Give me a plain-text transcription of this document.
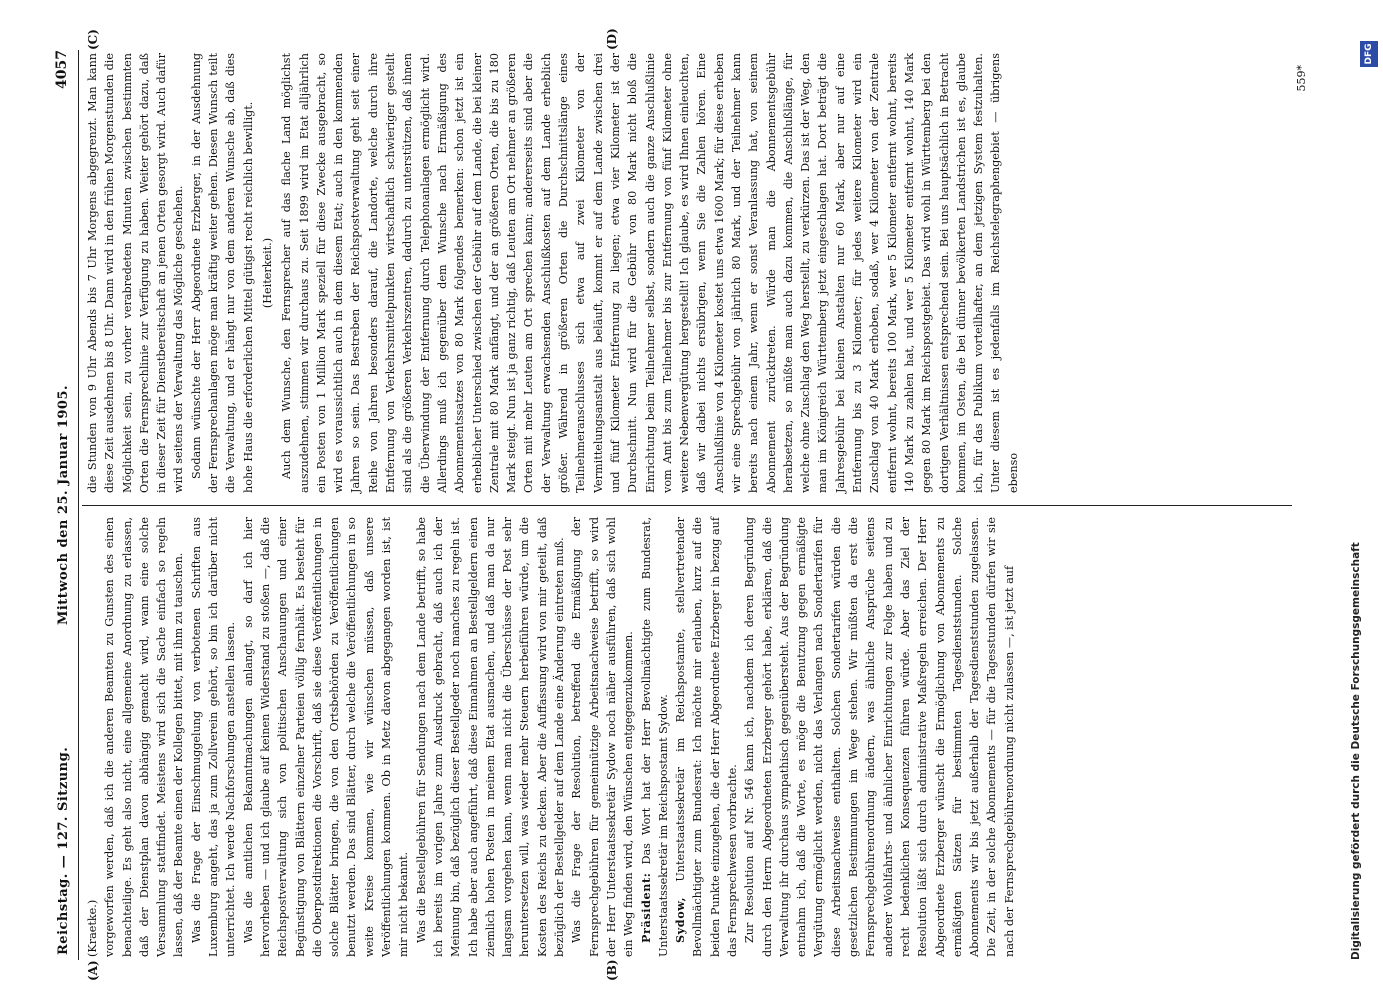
Reichstag. — 127. Sitzung.
Mittwoch den 25. Januar 1905.
4057
(A)	(B)
(C)	(D)

(Kraetke.) vorgeworfen werden, daß ich die anderen Beamten zu Gunsten des einen benachteilige. Es geht also nicht, eine allgemeine Anordnung zu erlassen, daß der Dienstplan davon abhängig gemacht wird, wann eine solche Versammlung stattfindet. Meistens wird sich die Sache einfach so regeln lassen, daß der Beamte einen der Kollegen bittet, mit ihm zu tauschen. Was die Frage der Einschmuggelung von verbotenen Schriften aus Luxemburg angeht, das ja zum Zollverein gehört, so bin ich darüber nicht unterrichtet. Ich werde Nachforschungen anstellen lassen. Was die amtlichen Bekanntmachungen anlangt, so darf ich hier hervorheben — und ich glaube auf keinen Widerstand zu stoßen —, daß die Reichspostverwaltung sich von politischen Anschauungen und einer Begünstigung von Blättern einzelner Parteien völlig fernhält. Es besteht für die Oberpostdirektionen die Vorschrift, daß sie diese Veröffentlichungen in solche Blätter bringen, die von den Ortsbehörden zu Veröffentlichungen benutzt werden. Das sind Blätter, durch welche die Veröffentlichungen in so weite Kreise kommen, wie wir wünschen müssen, daß unsere Veröffentlichungen kommen. Ob in Metz davon abgegangen worden ist, ist mir nicht bekannt. Was die Bestellgebühren für Sendungen nach dem Lande betrifft, so habe ich bereits im vorigen Jahre zum Ausdruck gebracht, daß auch ich der Meinung bin, daß bezüglich dieser Bestellgeder noch manches zu regeln ist. Ich habe aber auch angeführt, daß diese Einnahmen an Bestellgeldern einen ziemlich hohen Posten in meinem Etat ausmachen, und daß man da nur langsam vorgehen kann, wenn man nicht die Überschüsse der Post sehr heruntersetzen will, was wieder mehr Steuern herbeiführen würde, um die Kosten des Reichs zu decken. Aber die Auffassung wird von mir geteilt, daß bezüglich der Bestellgelder auf dem Lande eine Änderung eintreten muß. Was die Frage der Resolution, betreffend die Ermäßigung der Fernsprechgebühren für gemeinnützige Arbeitsnachweise betrifft, so wird der Herr Unterstaatssekretär Sydow noch näher ausführen, daß sich wohl ein Weg finden wird, den Wünschen entgegenzukommen. Präsident: Das Wort hat der Herr Bevollmächtigte zum Bundesrat, Unterstaatssekretär im Reichspostamt Sydow. Sydow, Unterstaatssekretär im Reichspostamte, stellvertretender Bevollmächtigter zum Bundesrat: Ich möchte mir erlauben, kurz auf die beiden Punkte einzugehen, die der Herr Abgeordnete Erzberger in bezug auf das Fernsprechwesen vorbrachte. Zur Resolution auf Nr. 546 kann ich, nachdem ich deren Begründung durch den Herrn Abgeordneten Erzberger gehört habe, erklären, daß die Verwaltung ihr durchaus sympathisch gegenübersteht. Aus der Begründung entnahm ich, daß die Worte, es möge die Benutzung gegen ermäßigte Vergütung ermöglicht werden, nicht das Verlangen nach Sondertarifen für diese Arbeitsnachweise enthalten. Solchen Sondertarifen würden die gesetzlichen Bestimmungen im Wege stehen. Wir müßten da erst die Fernsprechgebührenordnung ändern, was ähnliche Ansprüche seitens anderer Wohlfahrts- und ähnlicher Einrichtungen zur Folge haben und zu recht bedenklichen Konsequenzen führen würde. Aber das Ziel der Resolution läßt sich durch administrative Maßregeln erreichen. Der Herr Abgeordnete Erzberger wünscht die Ermöglichung von Abonnements zu ermäßigten Sätzen für bestimmten Tagesdienststunden. Solche Abonnements wir bis jetzt außerhalb der Tagesdienststunden zugelassen. Die Zeit, in der solche Abonnements — für die Tagesstunden dürfen wir sie nach der Fernsprechgebührenordnung nicht zulassen —, ist jetzt auf

die Stunden von 9 Uhr Abends bis 7 Uhr Morgens abgegrenzt. Man kann diese Zeit ausdehnen bis 8 Uhr. Dann wird in den frühen Morgenstunden die Möglichkeit sein, zu vorher verabredeten Minuten zwischen bestimmten Orten die Fernsprechlinie zur Verfügung zu haben. Weiter gehört dazu, daß in dieser Zeit für Dienstbereitschaft an jenen Orten gesorgt wird. Auch dafür wird seitens der Verwaltung das Mögliche geschehen. Sodann wünschte der Herr Abgeordnete Erzberger, in der Ausdehnung der Fernsprechanlagen möge man kräftig weiter gehen. Diesen Wunsch teilt die Verwaltung, und er hängt nur von dem anderen Wunsche ab, daß dies hohe Haus die erforderlichen Mittel gütigst recht reichlich bewilligt. (Heiterkeit.) Auch dem Wunsche, den Fernsprecher auf das flache Land möglichst auszudehnen, stimmen wir durchaus zu. Seit 1899 wird im Etat alljährlich ein Posten von 1 Million Mark speziell für diese Zwecke ausgebracht, so wird es voraussichtlich auch in dem diesem Etat; auch in den kommenden Jahren so sein. Das Bestreben der Reichspostverwaltung geht seit einer Reihe von Jahren besonders darauf, die Landorte, welche durch ihre Entfernung von Verkehrsmittelpunkten wirtschaftlich schwieriger gestellt sind als die größeren Verkehrszentren, dadurch zu unterstützen, daß ihnen die Überwindung der Entfernung durch Telephonanlagen ermöglicht wird. Allerdings muß ich gegenüber dem Wunsche nach Ermäßigung des Abonnementssatzes von 80 Mark folgendes bemerken: schon jetzt ist ein erheblicher Unterschied zwischen der Gebühr auf dem Lande, die bei kleiner Zentrale mit 80 Mark anfängt, und der an größeren Orten, die bis zu 180 Mark steigt. Nun ist ja ganz richtig, daß Leuten am Ort nehmer an größeren Orten mit mehr Leuten am Ort sprechen kann; andererseits sind aber die der Verwaltung erwachsenden Anschlußkosten auf dem Lande erheblich größer. Während in größeren Orten die Durchschnittslänge eines Teilnehmeranschlusses sich etwa auf zwei Kilometer von der Vermittelungsanstalt aus beläuft, kommt er auf dem Lande zwischen drei und fünf Kilometer Entfernung zu liegen; etwa vier Kilometer ist der Durchschnitt. Nun wird für die Gebühr von 80 Mark nicht bloß die Einrichtung beim Teilnehmer selbst, sondern auch die ganze Anschlußlinie vom Amt bis zum Teilnehmer bis zur Entfernung von fünf Kilometer ohne weitere Nebenvergütung hergestellt! Ich glaube, es wird Ihnen einleuchten, daß wir dabei nichts ersübrigen, wenn Sie die Zahlen hören. Eine Anschlußlinie von 4 Kilometer kostet uns etwa 1600 Mark; für diese erheben wir eine Sprechgebühr von jährlich 80 Mark, und der Teilnehmer kann bereits nach einem Jahr, wenn er sonst Veranlassung hat, von seinem Abonnement zurücktreten. Würde man die Abonnementsgebühr herabsetzen, so müßte man auch dazu kommen, die Anschlußlänge, für welche ohne Zuschlag den Weg herstellt, zu verkürzen. Das ist der Weg, den man im Königreich Württemberg jetzt eingeschlagen hat. Dort beträgt die Jahresgebühr bei kleinen Anstalten nur 60 Mark, aber nur auf eine Entfernung bis zu 3 Kilometer; für jedes weitere Kilometer wird ein Zuschlag von 40 Mark erhoben, sodaß, wer 4 Kilometer von der Zentrale entfernt wohnt, bereits 100 Mark, wer 5 Kilometer entfernt wohnt, bereits 140 Mark zu zahlen hat, und wer 5 Kilometer entfernt wohnt, 140 Mark gegen 80 Mark im Reichspostgebiet. Das wird wohl in Württemberg bei den dortigen Verhältnissen entsprechend sein. Bei uns hauptsächlich in Betracht kommen, im Osten, die bei dünner bevölkerten Landstrichen ist es, glaube ich, für das Publikum vorteilhafter, an dem jetzigen System festzuhalten. Unter diesem ist es jedenfalls im Reichstelegraphengebiet — übrigens ebenso

559*
Digitalisierung gefördert durch die Deutsche Forschungsgemeinschaft
DFG
